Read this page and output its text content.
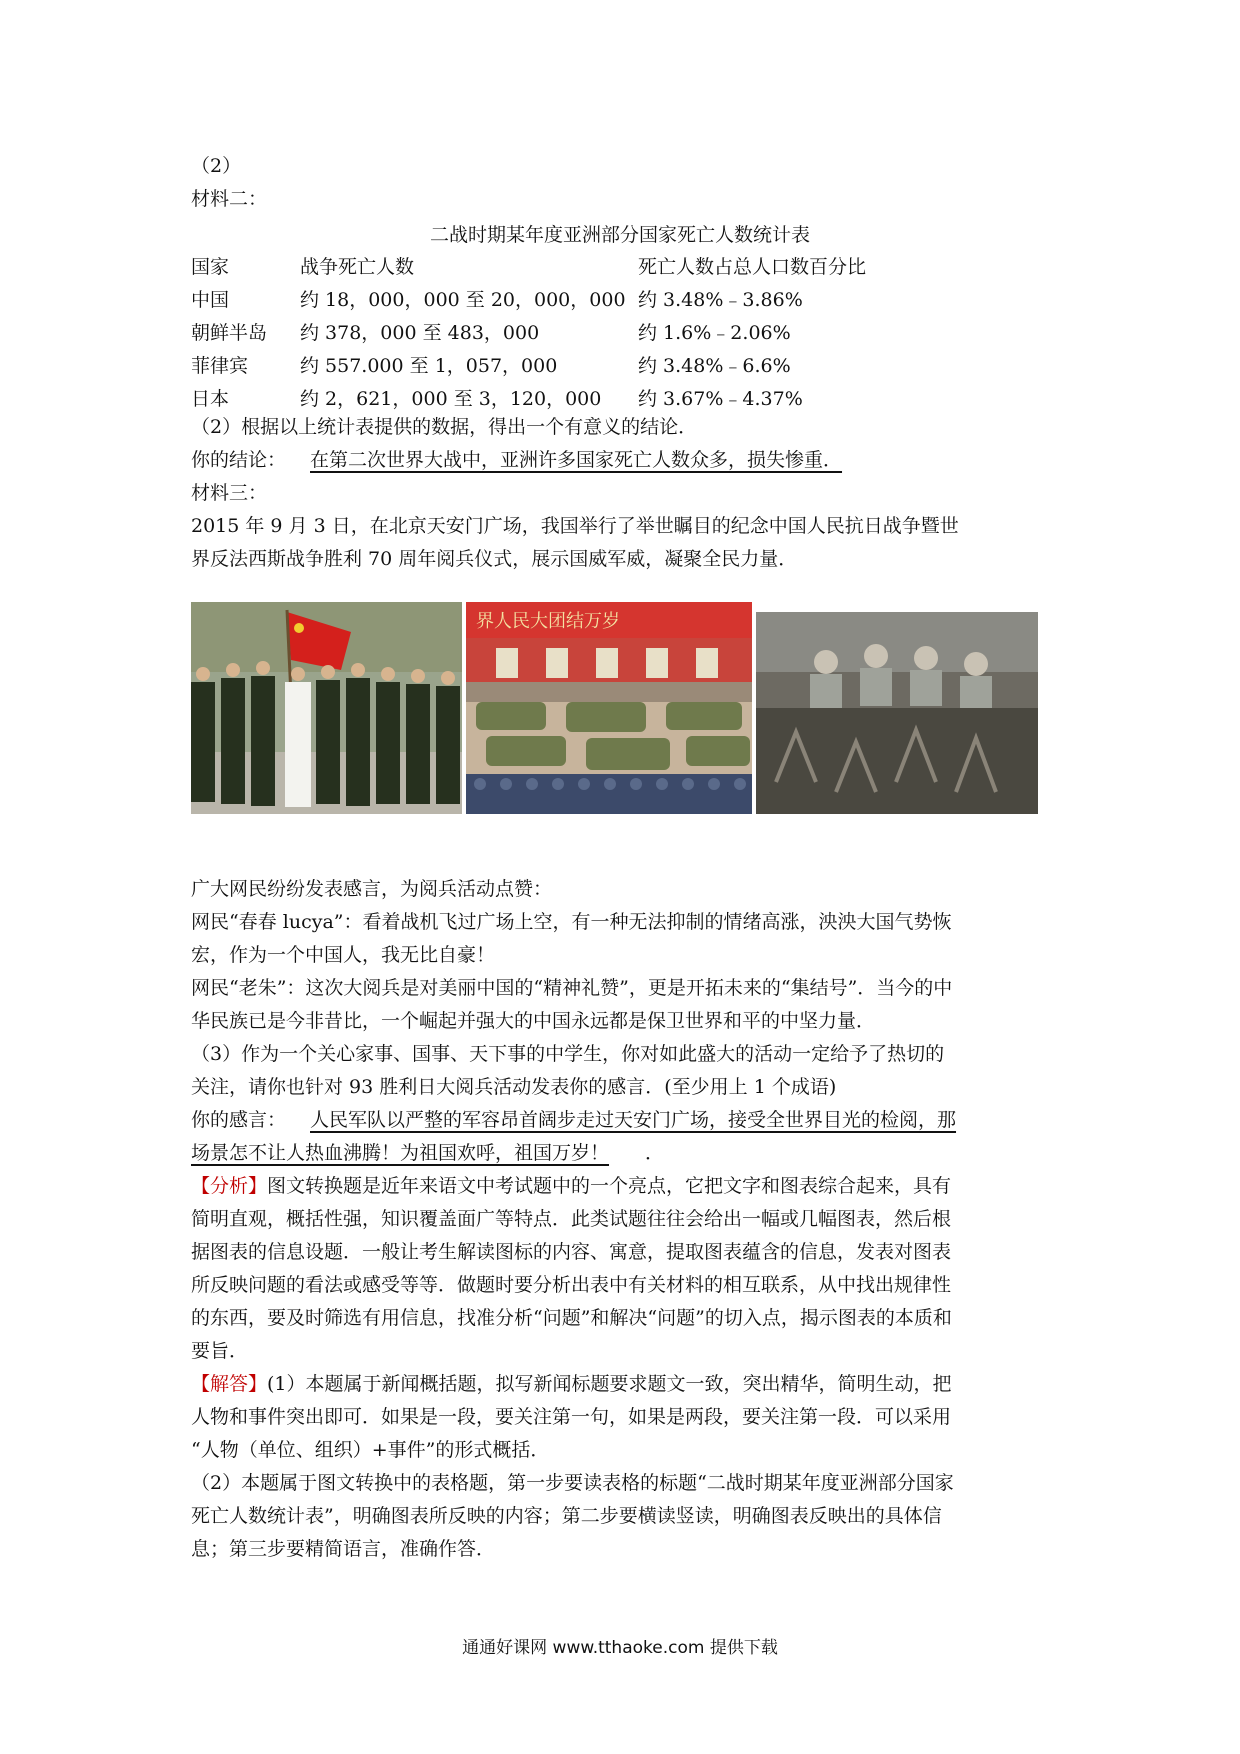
（2）
材料二：
二战时期某年度亚洲部分国家死亡人数统计表
国家	战争死亡人数	死亡人数占总人口数百分比
中国	约 18，000，000 至 20，000，000 约 3.48%﹣3.86%
朝鲜半岛 约 378，000 至 483，000	约 1.6%﹣2.06%
菲律宾	约 557.000 至 1，057，000	约 3.48%﹣6.6%
日本	约 2，621，000 至 3，120，000 约 3.67%﹣4.37%
（2）根据以上统计表提供的数据，得出一个有意义的结论．
你的结论： 在第二次世界大战中，亚洲许多国家死亡人数众多，损失惨重．
材料三：
2015 年 9 月 3 日，在北京天安门广场，我国举行了举世瞩目的纪念中国人民抗日战争暨世
界反法西斯战争胜利 70 周年阅兵仪式，展示国威军威，凝聚全民力量．
界人民大团结万岁
广大网民纷纷发表感言，为阅兵活动点赞：
网民“春春 lucya”：看着战机飞过广场上空，有一种无法抑制的情绪高涨，泱泱大国气势恢
宏，作为一个中国人，我无比自豪！
网民“老朱”：这次大阅兵是对美丽中国的“精神礼赞”，更是开拓未来的“集结号”．当今的中
华民族已是今非昔比，一个崛起并强大的中国永远都是保卫世界和平的中坚力量．
（3）作为一个关心家事、国事、天下事的中学生，你对如此盛大的活动一定给予了热切的
关注，请你也针对 93 胜利日大阅兵活动发表你的感言．(至少用上 1 个成语)
你的感言： 人民军队以严整的军容昂首阔步走过天安门广场，接受全世界目光的检阅，那
场景怎不让人热血沸腾！为祖国欢呼，祖国万岁！ ．
【分析】图文转换题是近年来语文中考试题中的一个亮点，它把文字和图表综合起来，具有
简明直观，概括性强，知识覆盖面广等特点．此类试题往往会给出一幅或几幅图表，然后根
据图表的信息设题．一般让考生解读图标的内容、寓意，提取图表蕴含的信息，发表对图表
所反映问题的看法或感受等等．做题时要分析出表中有关材料的相互联系，从中找出规律性
的东西，要及时筛选有用信息，找准分析“问题”和解决“问题”的切入点，揭示图表的本质和
要旨．
【解答】(1）本题属于新闻概括题，拟写新闻标题要求题文一致，突出精华，简明生动，把
人物和事件突出即可．如果是一段，要关注第一句，如果是两段，要关注第一段．可以采用
“人物（单位、组织）+事件”的形式概括．
（2）本题属于图文转换中的表格题，第一步要读表格的标题“二战时期某年度亚洲部分国家
死亡人数统计表”，明确图表所反映的内容；第二步要横读竖读，明确图表反映出的具体信
息；第三步要精简语言，准确作答．
通通好课网 www.tthaoke.com 提供下载
